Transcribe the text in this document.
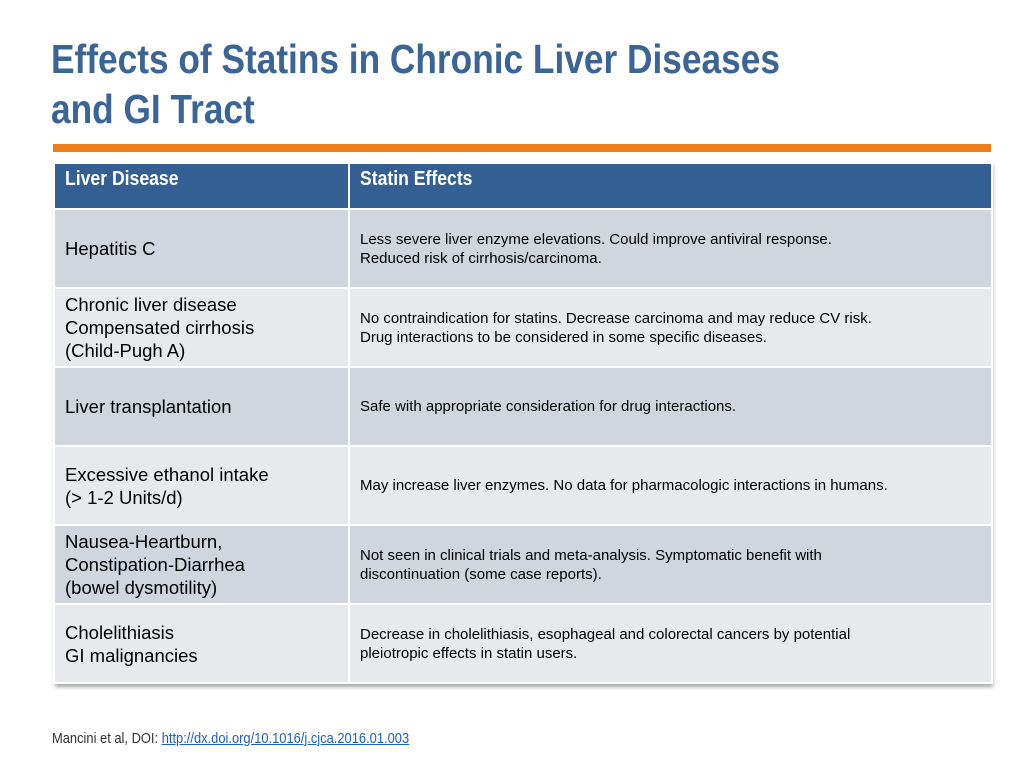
Effects of Statins in Chronic Liver Diseases
and GI Tract
Liver Disease	Statin Effects

Hepatitis C	Less severe liver enzyme elevations. Could improve antiviral response.
Reduced risk of cirrhosis/carcinoma.

Chronic liver disease
Compensated cirrhosis
(Child-Pugh A)	No contraindication for statins. Decrease carcinoma and may reduce CV risk.
Drug interactions to be considered in some specific diseases.

Liver transplantation	Safe with appropriate consideration for drug interactions.

Excessive ethanol intake
(> 1-2 Units/d)	May increase liver enzymes. No data for pharmacologic interactions in humans.

Nausea-Heartburn,
Constipation-Diarrhea
(bowel dysmotility)	Not seen in clinical trials and meta-analysis. Symptomatic benefit with
discontinuation (some case reports).

Cholelithiasis
GI malignancies	Decrease in cholelithiasis, esophageal and colorectal cancers by potential
pleiotropic effects in statin users.
Mancini et al, DOI: http://dx.doi.org/10.1016/j.cjca.2016.01.003
